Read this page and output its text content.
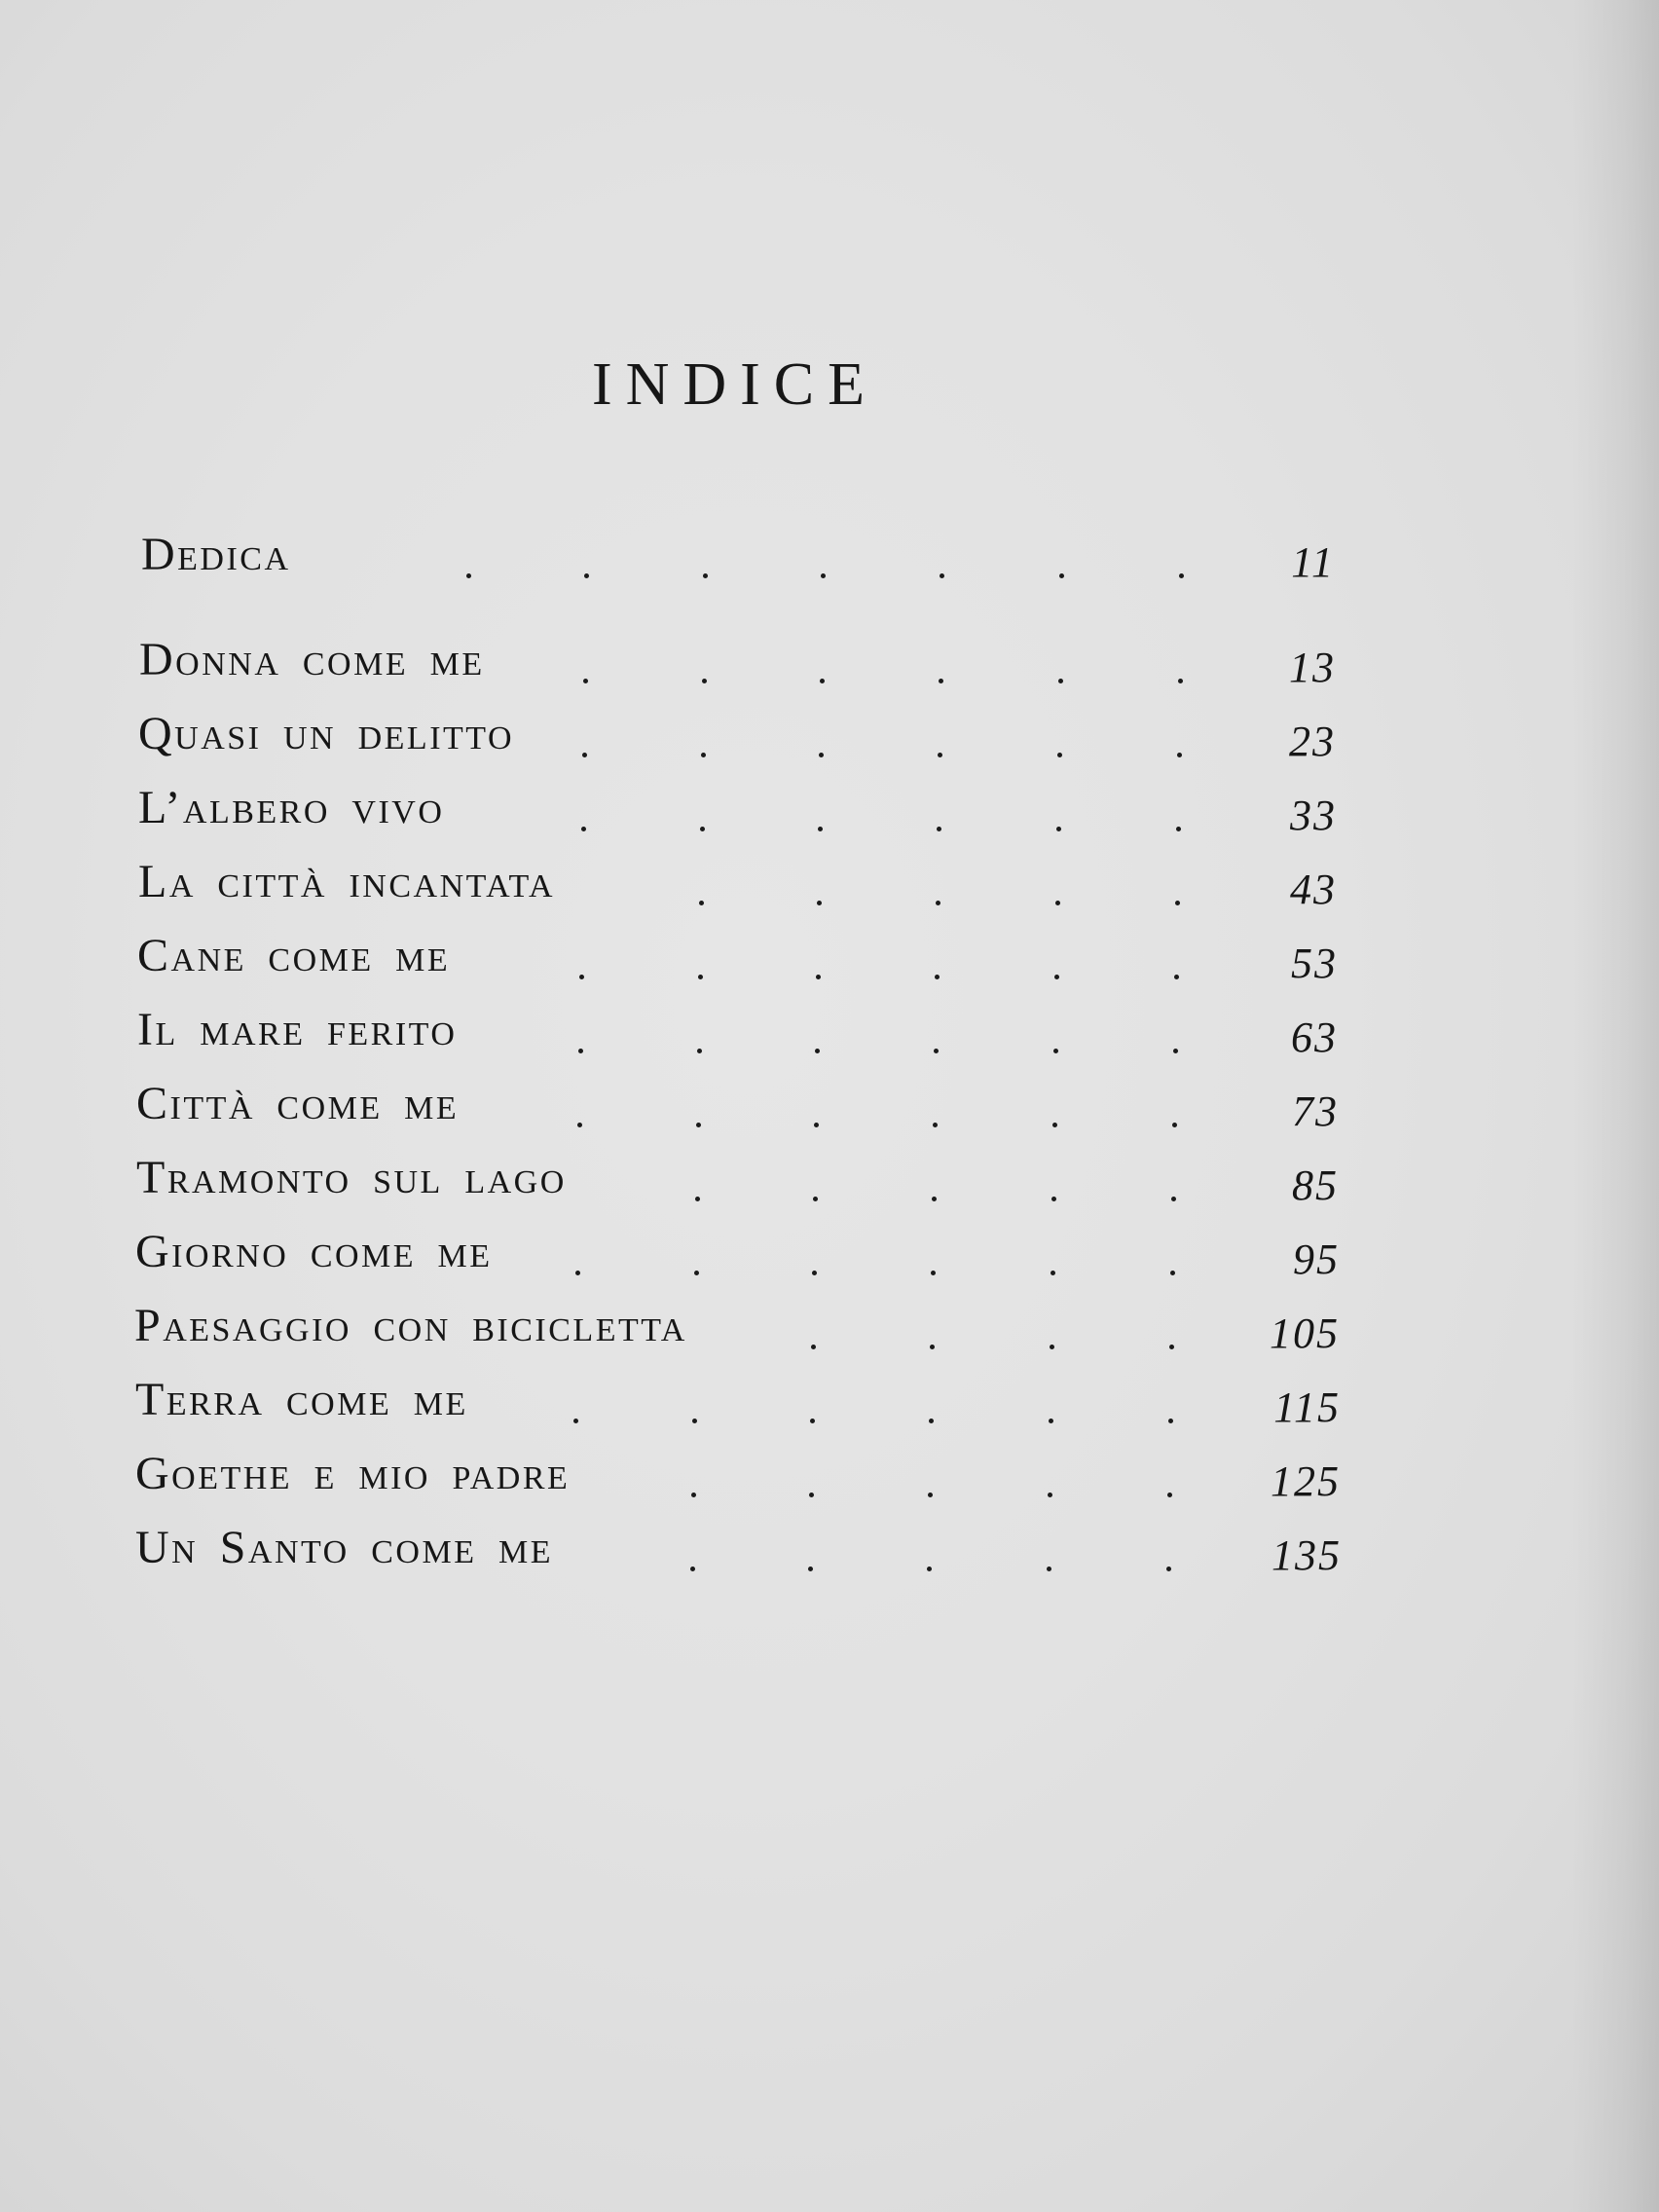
INDICE
Dedica	11
Donna come me	13
Quasi un delitto	23
L’albero vivo	33
La città incantata	43
Cane come me	53
Il mare ferito	63
Città come me	73
Tramonto sul lago	85
Giorno come me	95
Paesaggio con bicicletta	105
Terra come me	115
Goethe e mio padre	125
Un Santo come me	135
